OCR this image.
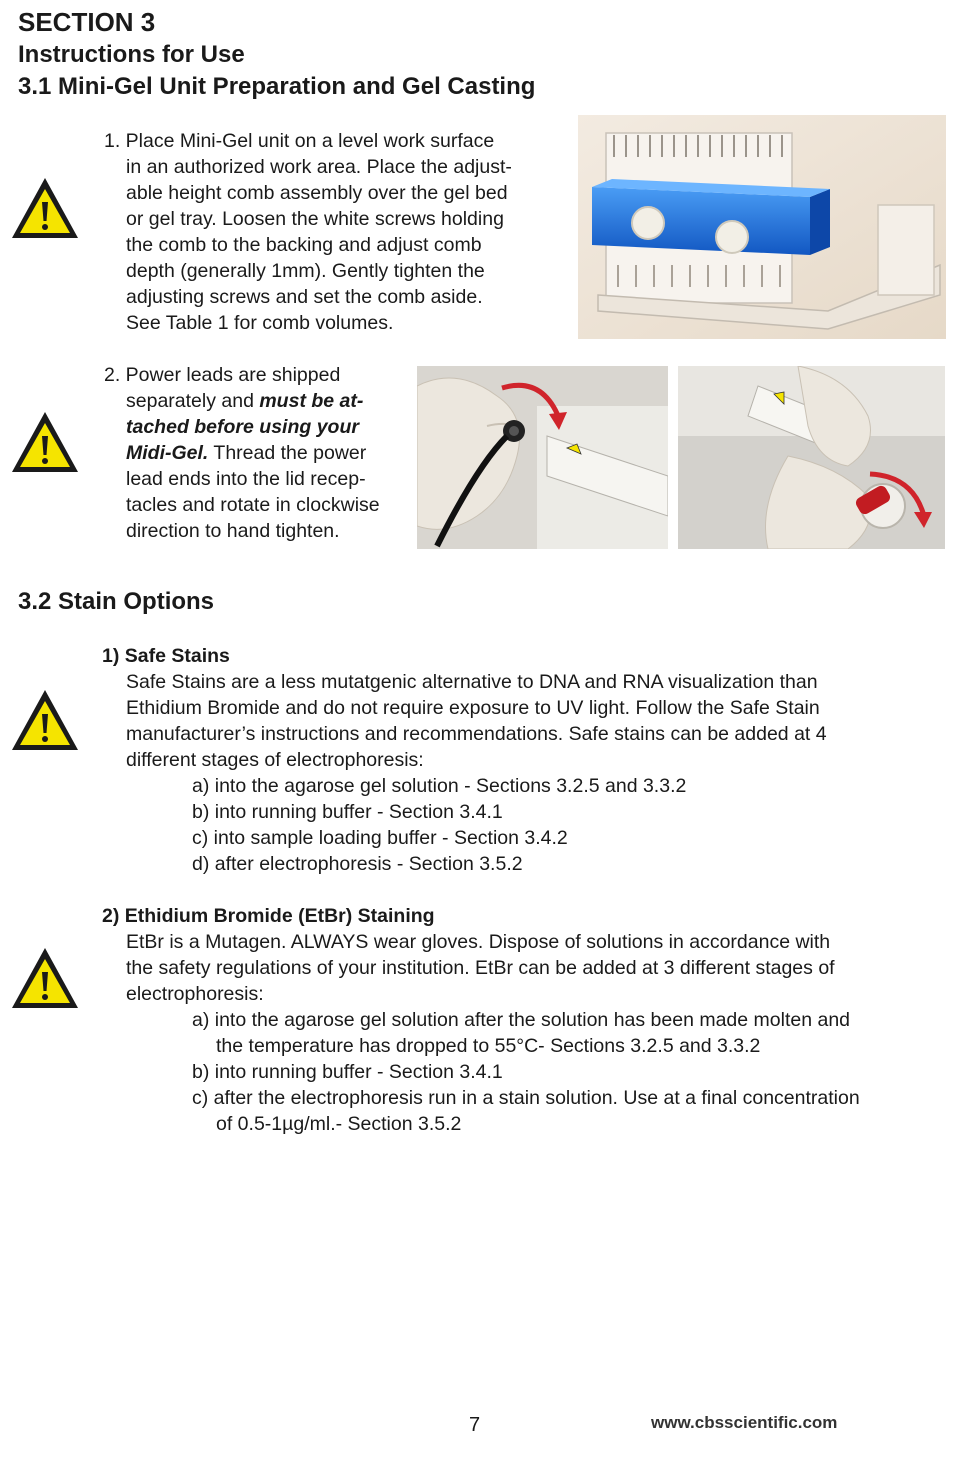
SECTION 3
Instructions for Use
3.1 Mini-Gel Unit Preparation and Gel Casting
1. Place Mini-Gel unit on a level work surface
in an authorized work area. Place the adjust-
able height comb assembly over the gel bed
or gel tray. Loosen the white screws holding
the comb to the backing and adjust comb
depth (generally 1mm). Gently tighten the
adjusting screws and set the comb aside.
See Table 1 for comb volumes.
2. Power leads are shipped
separately and must be at-
tached before using your
Midi-Gel. Thread the power
lead ends into the lid recep-
tacles and rotate in clockwise
direction to hand tighten.
3.2 Stain Options
1) Safe Stains
Safe Stains are a less mutatgenic alternative to DNA and RNA visualization than
Ethidium Bromide and do not require exposure to UV light. Follow the Safe Stain
manufacturer’s instructions and recommendations. Safe stains can be added at 4
different stages of electrophoresis:
a) into the agarose gel solution - Sections 3.2.5 and 3.3.2
b) into running buffer - Section 3.4.1
c) into sample loading buffer - Section 3.4.2
d) after electrophoresis - Section 3.5.2
2) Ethidium Bromide (EtBr) Staining
EtBr is a Mutagen. ALWAYS wear gloves. Dispose of solutions in accordance with
the safety regulations of your institution. EtBr can be added at 3 different stages of
electrophoresis:
a) into the agarose gel solution after the solution has been made molten and
the temperature has dropped to 55°C- Sections 3.2.5 and 3.3.2
b) into running buffer - Section 3.4.1
c) after the electrophoresis run in a stain solution. Use at a final concentration
of 0.5-1µg/ml.- Section 3.5.2
7	www.cbsscientific.com
